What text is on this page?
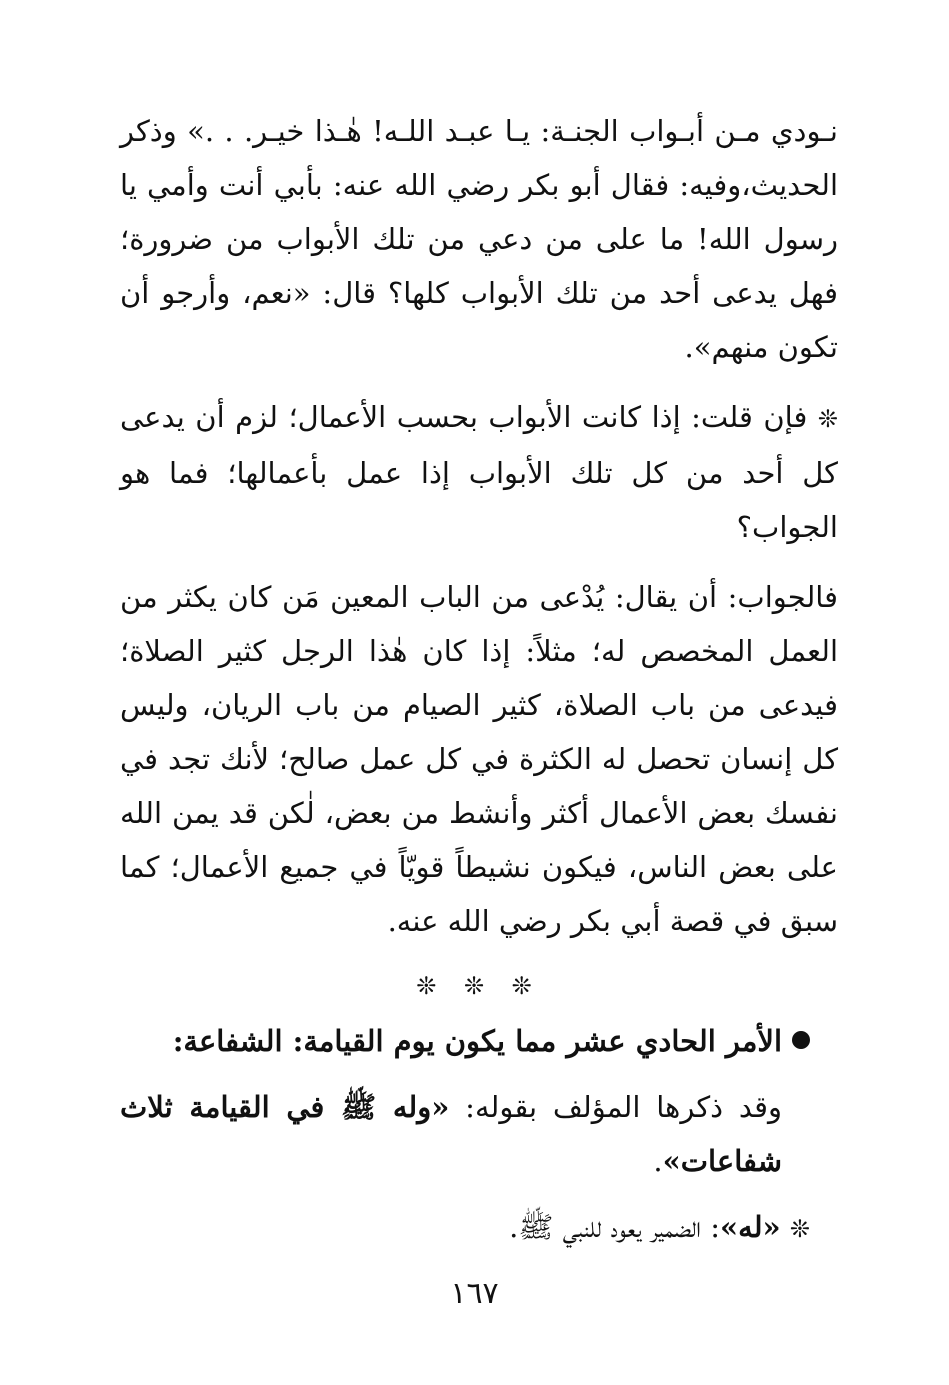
نـودي مـن أبـواب الجنـة: يـا عبـد اللـه! هٰـذا خيـر. . .» وذكر الحديث،وفيه: فقال أبو بكر رضي الله عنه: بأبي أنت وأمي يا رسول الله! ما على من دعي من تلك الأبواب من ضرورة؛ فهل يدعى أحد من تلك الأبواب كلها؟ قال: «نعم، وأرجو أن تكون منهم».

❊ فإن قلت: إذا كانت الأبواب بحسب الأعمال؛ لزم أن يدعى كل أحد من كل تلك الأبواب إذا عمل بأعمالها؛ فما هو الجواب؟

فالجواب: أن يقال: يُدْعى من الباب المعين مَن كان يكثر من العمل المخصص له؛ مثلاً: إذا كان هٰذا الرجل كثير الصلاة؛ فيدعى من باب الصلاة، كثير الصيام من باب الريان، وليس كل إنسان تحصل له الكثرة في كل عمل صالح؛ لأنك تجد في نفسك بعض الأعمال أكثر وأنشط من بعض، لٰكن قد يمن الله على بعض الناس، فيكون نشيطاً قويّاً في جميع الأعمال؛ كما سبق في قصة أبي بكر رضي الله عنه.

❊ ❊ ❊

الأمر الحادي عشر مما يكون يوم القيامة: الشفاعة:

وقد ذكرها المؤلف بقوله: «وله ﷺ في القيامة ثلاث شفاعات».

❊ «له»: الضمير يعود للنبي ﷺ.

١٦٧
